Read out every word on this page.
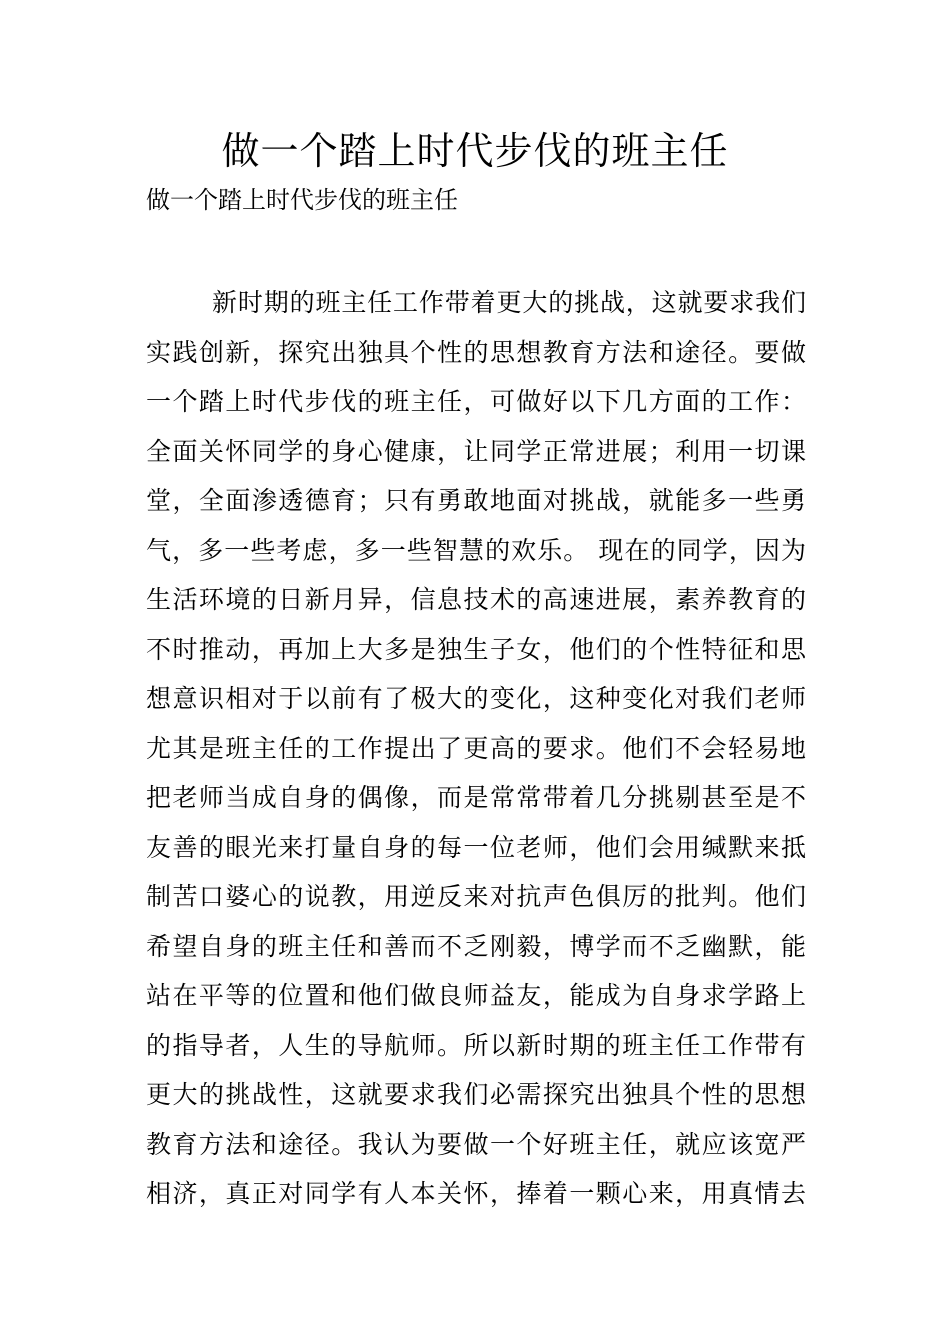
做一个踏上时代步伐的班主任
做一个踏上时代步伐的班主任
新时期的班主任工作带着更大的挑战，这就要求我们
实践创新，探究出独具个性的思想教育方法和途径。要做
一个踏上时代步伐的班主任，可做好以下几方面的工作：
全面关怀同学的身心健康，让同学正常进展；利用一切课
堂，全面渗透德育；只有勇敢地面对挑战，就能多一些勇
气，多一些考虑，多一些智慧的欢乐。 现在的同学，因为
生活环境的日新月异，信息技术的高速进展，素养教育的
不时推动，再加上大多是独生子女，他们的个性特征和思
想意识相对于以前有了极大的变化，这种变化对我们老师
尤其是班主任的工作提出了更高的要求。他们不会轻易地
把老师当成自身的偶像，而是常常带着几分挑剔甚至是不
友善的眼光来打量自身的每一位老师，他们会用缄默来抵
制苦口婆心的说教，用逆反来对抗声色俱厉的批判。他们
希望自身的班主任和善而不乏刚毅，博学而不乏幽默，能
站在平等的位置和他们做良师益友，能成为自身求学路上
的指导者，人生的导航师。所以新时期的班主任工作带有
更大的挑战性，这就要求我们必需探究出独具个性的思想
教育方法和途径。我认为要做一个好班主任，就应该宽严
相济，真正对同学有人本关怀，捧着一颗心来，用真情去
